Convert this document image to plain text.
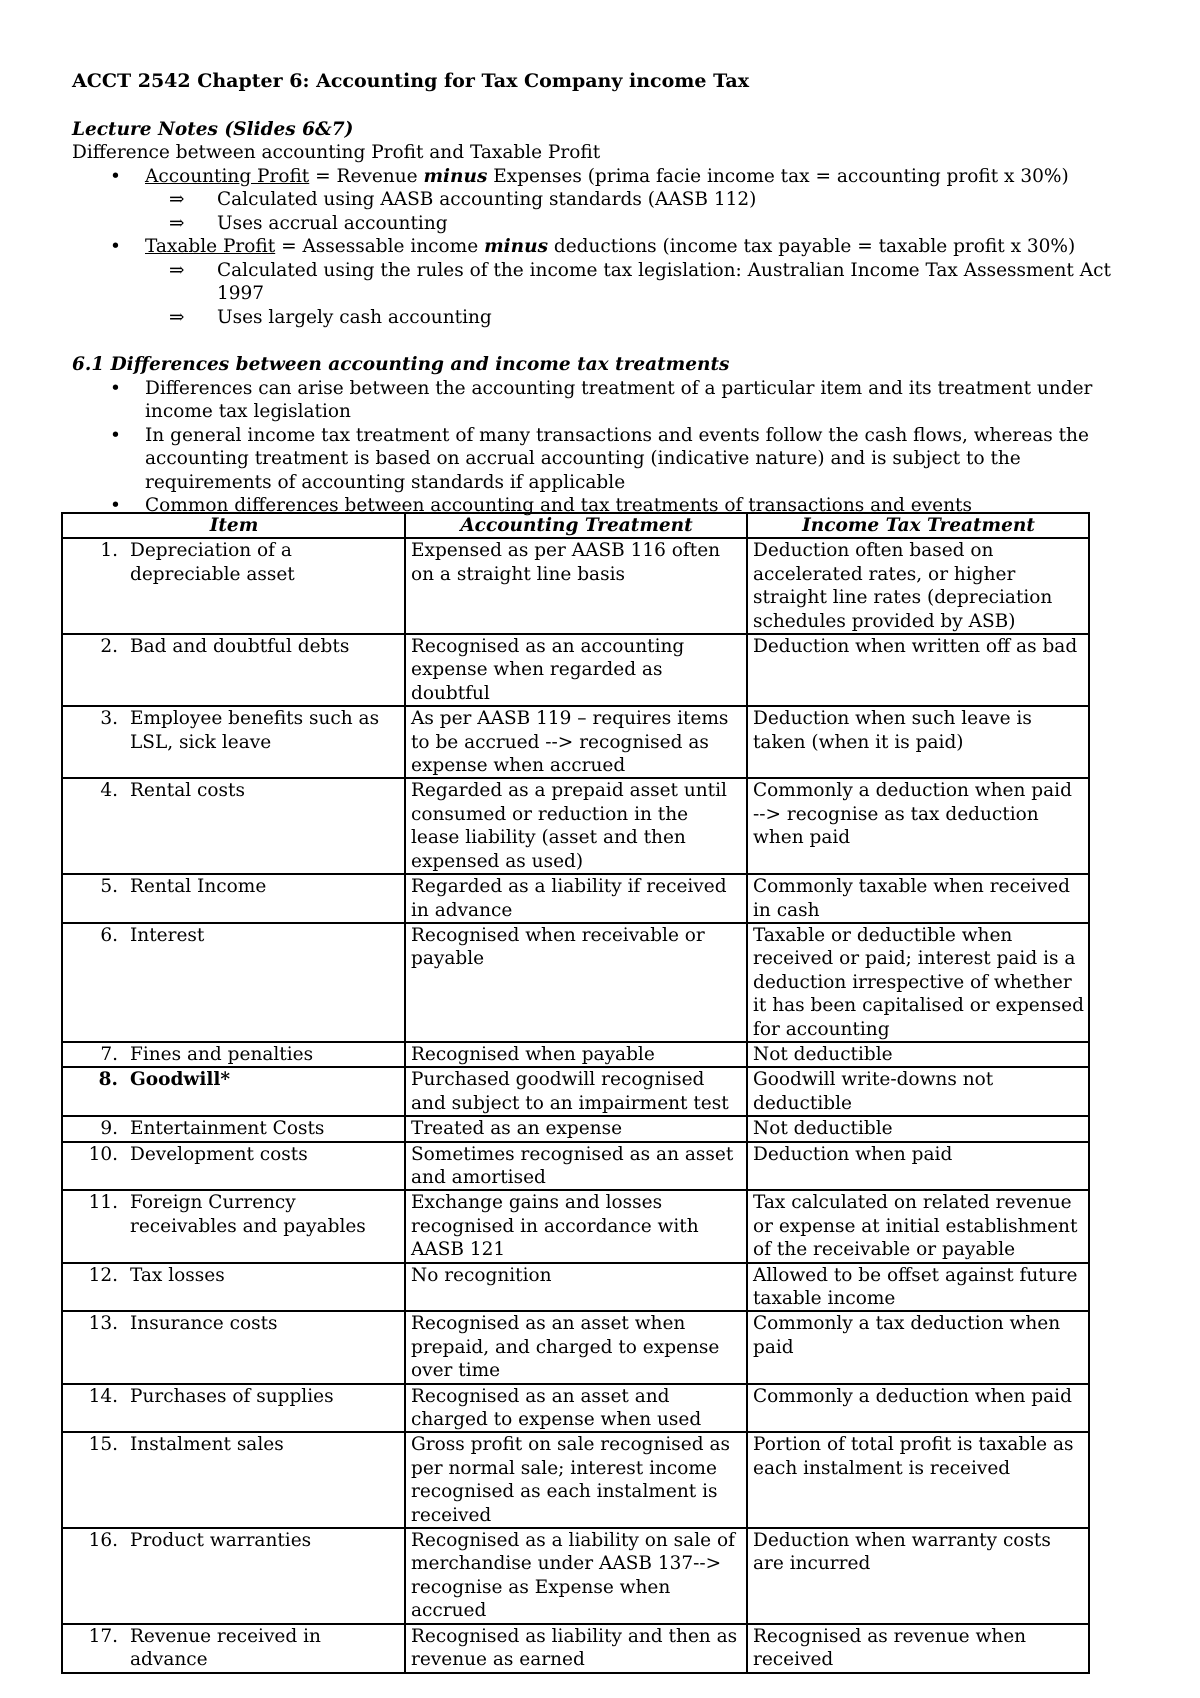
ACCT 2542 Chapter 6: Accounting for Tax Company income Tax

Lecture Notes (Slides 6&7)

Difference between accounting Profit and Taxable Profit

• Accounting Profit = Revenue minus Expenses (prima facie income tax = accounting profit x 30%)
⇒ Calculated using AASB accounting standards (AASB 112)
⇒ Uses accrual accounting
• Taxable Profit = Assessable income minus deductions (income tax payable = taxable profit x 30%)
⇒ Calculated using the rules of the income tax legislation: Australian Income Tax Assessment Act 1997
⇒ Uses largely cash accounting

6.1 Differences between accounting and income tax treatments

• Differences can arise between the accounting treatment of a particular item and its treatment under income tax legislation
• In general income tax treatment of many transactions and events follow the cash flows, whereas the accounting treatment is based on accrual accounting (indicative nature) and is subject to the requirements of accounting standards if applicable
• Common differences between accounting and tax treatments of transactions and events
Item	Accounting Treatment	Income Tax Treatment

1. Depreciation of a depreciable asset	Expensed as per AASB 116 often on a straight line basis	Deduction often based on accelerated rates, or higher straight line rates (depreciation schedules provided by ASB)

2. Bad and doubtful debts	Recognised as an accounting expense when regarded as doubtful	Deduction when written off as bad

3. Employee benefits such as LSL, sick leave	As per AASB 119 – requires items to be accrued --> recognised as expense when accrued	Deduction when such leave is taken (when it is paid)

4. Rental costs	Regarded as a prepaid asset until consumed or reduction in the lease liability (asset and then expensed as used)	Commonly a deduction when paid --> recognise as tax deduction when paid

5. Rental Income	Regarded as a liability if received in advance	Commonly taxable when received in cash

6. Interest	Recognised when receivable or payable	Taxable or deductible when received or paid; interest paid is a deduction irrespective of whether it has been capitalised or expensed for accounting

7. Fines and penalties	Recognised when payable	Not deductible

8. Goodwill*	Purchased goodwill recognised and subject to an impairment test	Goodwill write-downs not deductible

9. Entertainment Costs	Treated as an expense	Not deductible

10. Development costs	Sometimes recognised as an asset and amortised	Deduction when paid

11. Foreign Currency receivables and payables	Exchange gains and losses recognised in accordance with AASB 121	Tax calculated on related revenue or expense at initial establishment of the receivable or payable

12. Tax losses	No recognition	Allowed to be offset against future taxable income

13. Insurance costs	Recognised as an asset when prepaid, and charged to expense over time	Commonly a tax deduction when paid

14. Purchases of supplies	Recognised as an asset and charged to expense when used	Commonly a deduction when paid

15. Instalment sales	Gross profit on sale recognised as per normal sale; interest income recognised as each instalment is received	Portion of total profit is taxable as each instalment is received

16. Product warranties	Recognised as a liability on sale of merchandise under AASB 137--> recognise as Expense when accrued	Deduction when warranty costs are incurred

17. Revenue received in advance	Recognised as liability and then as revenue as earned	Recognised as revenue when received
